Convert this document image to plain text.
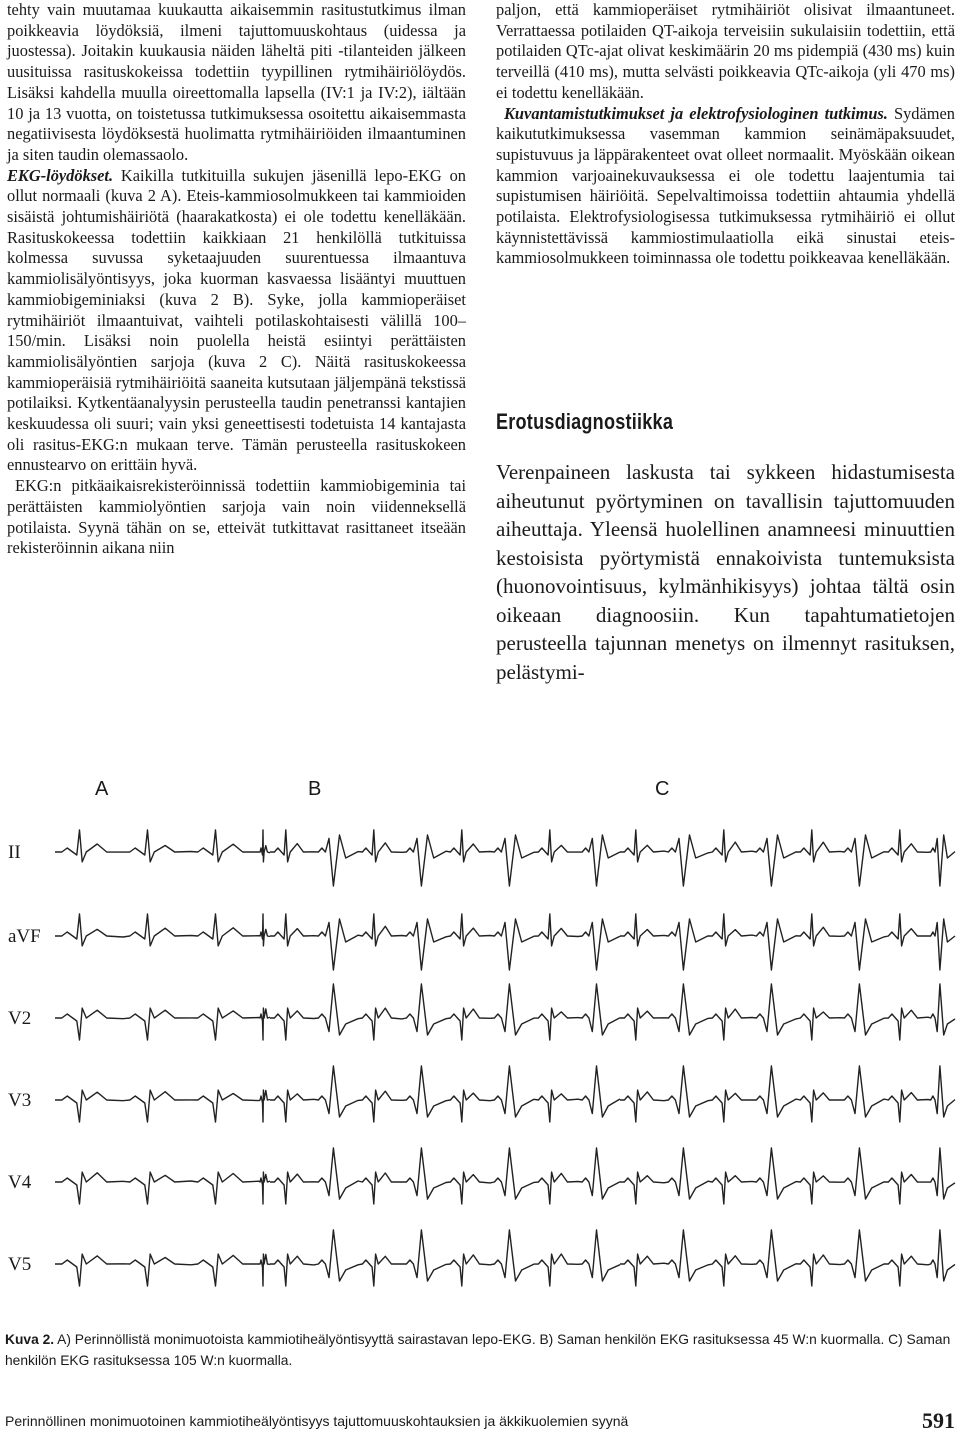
tehty vain muutamaa kuukautta aikaisemmin rasitustutkimus ilman poikkeavia löydöksiä, ilmeni tajuttomuuskohtaus (uidessa ja juostessa). Joitakin kuukausia näiden läheltä piti -tilanteiden jälkeen uusituissa rasituskokeissa todettiin tyypillinen rytmihäiriölöydös. Lisäksi kahdella muulla oireettomalla lapsella (IV:1 ja IV:2), iältään 10 ja 13 vuotta, on toistetussa tutkimuksessa osoitettu aikaisemmasta negatiivisesta löydöksestä huolimatta rytmihäiriöiden ilmaantuminen ja siten taudin olemassaolo.

EKG-löydökset. Kaikilla tutkituilla sukujen jäsenillä lepo-EKG on ollut normaali (kuva 2 A). Eteis-kammiosolmukkeen tai kammioiden sisäistä johtumishäiriötä (haarakatkosta) ei ole todettu kenelläkään. Rasituskokeessa todettiin kaikkiaan 21 henkilöllä tutkituissa kolmessa suvussa syketaajuuden suurentuessa ilmaantuva kammiolisälyöntisyys, joka kuorman kasvaessa lisääntyi muuttuen kammiobigeminiaksi (kuva 2 B). Syke, jolla kammioperäiset rytmihäiriöt ilmaantuivat, vaihteli potilaskohtaisesti välillä 100–150/min. Lisäksi noin puolella heistä esiintyi perättäisten kammiolisälyöntien sarjoja (kuva 2 C). Näitä rasituskokeessa kammioperäisiä rytmihäiriöitä saaneita kutsutaan jäljempänä tekstissä potilaiksi. Kytkentäanalyysin perusteella taudin penetranssi kantajien keskuudessa oli suuri; vain yksi geneettisesti todetuista 14 kantajasta oli rasitus-EKG:n mukaan terve. Tämän perusteella rasituskokeen ennustearvo on erittäin hyvä.

EKG:n pitkäaikaisrekisteröinnissä todettiin kammiobigeminia tai perättäisten kammiolyöntien sarjoja vain noin viidenneksellä potilaista. Syynä tähän on se, etteivät tutkittavat rasittaneet itseään rekisteröinnin aikana niin

paljon, että kammioperäiset rytmihäiriöt olisivat ilmaantuneet. Verrattaessa potilaiden QT-aikoja terveisiin sukulaisiin todettiin, että potilaiden QTc-ajat olivat keskimäärin 20 ms pidempiä (430 ms) kuin terveillä (410 ms), mutta selvästi poikkeavia QTc-aikoja (yli 470 ms) ei todettu kenelläkään.

Kuvantamistutkimukset ja elektrofysiologinen tutkimus. Sydämen kaikututkimuksessa vasemman kammion seinämäpaksuudet, supistuvuus ja läppärakenteet ovat olleet normaalit. Myöskään oikean kammion varjoainekuvauksessa ei ole todettu laajentumia tai supistumisen häiriöitä. Sepelvaltimoissa todettiin ahtaumia yhdellä potilaista. Elektrofysiologisessa tutkimuksessa rytmihäiriö ei ollut käynnistettävissä kammiostimulaatiolla eikä sinustai eteis-kammiosolmukkeen toiminnassa ole todettu poikkeavaa kenelläkään.

Erotusdiagnostiikka

Verenpaineen laskusta tai sykkeen hidastumisesta aiheutunut pyörtyminen on tavallisin tajuttomuuden aiheuttaja. Yleensä huolellinen anamneesi minuuttien kestoisista pyörtymistä ennakoivista tuntemuksista (huonovointisuus, kylmänhikisyys) johtaa tältä osin oikeaan diagnoosiin. Kun tapahtumatietojen perusteella tajunnan menetys on ilmennyt rasituksen, pelästymi-

A	B	C
II
aVF
V2
V3
V4
V5

Kuva 2. A) Perinnöllistä monimuotoista kammiotiheälyöntisyyttä sairastavan lepo-EKG. B) Saman henkilön EKG rasituksessa 45 W:n kuormalla. C) Saman henkilön EKG rasituksessa 105 W:n kuormalla.

Perinnöllinen monimuotoinen kammiotiheälyöntisyys tajuttomuuskohtauksien ja äkkikuolemien syynä	591
